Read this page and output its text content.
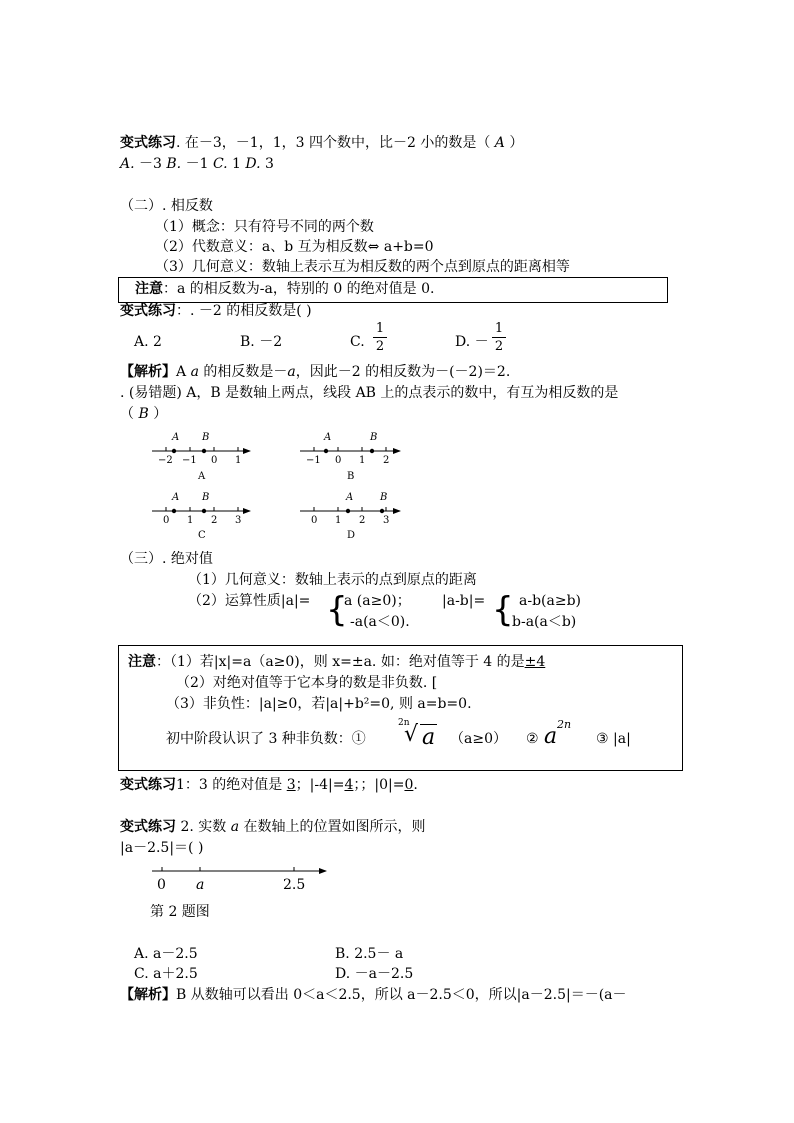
变式练习. 在－3，－1，1，3 四个数中，比－2 小的数是（ A ）
A. －3 B. －1 C. 1 D. 3
（二）. 相反数
（1）概念：只有符号不同的两个数
（2）代数意义：a、b 互为相反数⇔ a+b=0
（3）几何意义：数轴上表示互为相反数的两个点到原点的距离相等
注意：a 的相反数为-a，特别的 0 的绝对值是 0.
变式练习：. －2 的相反数是( )
A. 2	B. －2	C.
1
2	D. －
1
2
【解析】A a 的相反数是－a，因此－2 的相反数为－(－2)＝2.
. (易错题) A，B 是数轴上两点，线段 AB 上的点表示的数中，有互为相反数的是
（ B ）
A B
−2 −1 0 1
A
A	B
−1 0 1 2
B
A B
0 1 2 3
C
A	B
0 1 2 3
D
（三）. 绝对值
（1）几何意义：数轴上表示的点到原点的距离
（2）运算性质|a|= {
a (a≥0)；
-a(a＜0).
|a-b|= { a-b(a≥b)
b-a(a＜b)
注意：（1）若|x|=a（a≥0)，则 x=±a. 如：绝对值等于 4 的是±4
（2）对绝对值等于它本身的数是非负数. [
（3）非负性：|a|≥0，若|a|+b²=0, 则 a=b=0.
初中阶段认识了 3 种非负数：①
2n
√ a （a≥0） ② a 2n
③ |a|
变式练习1：3 的绝对值是 3；|-4|=4；；|0|=0.
变式练习 2. 实数 a 在数轴上的位置如图所示，则
|a－2.5|＝( )
0 a	2.5
第 2 题图
A. a－2.5	B. 2.5－ a
C. a＋2.5	D. －a－2.5
【解析】B 从数轴可以看出 0＜a＜2.5，所以 a－2.5＜0，所以|a－2.5|＝－(a－
